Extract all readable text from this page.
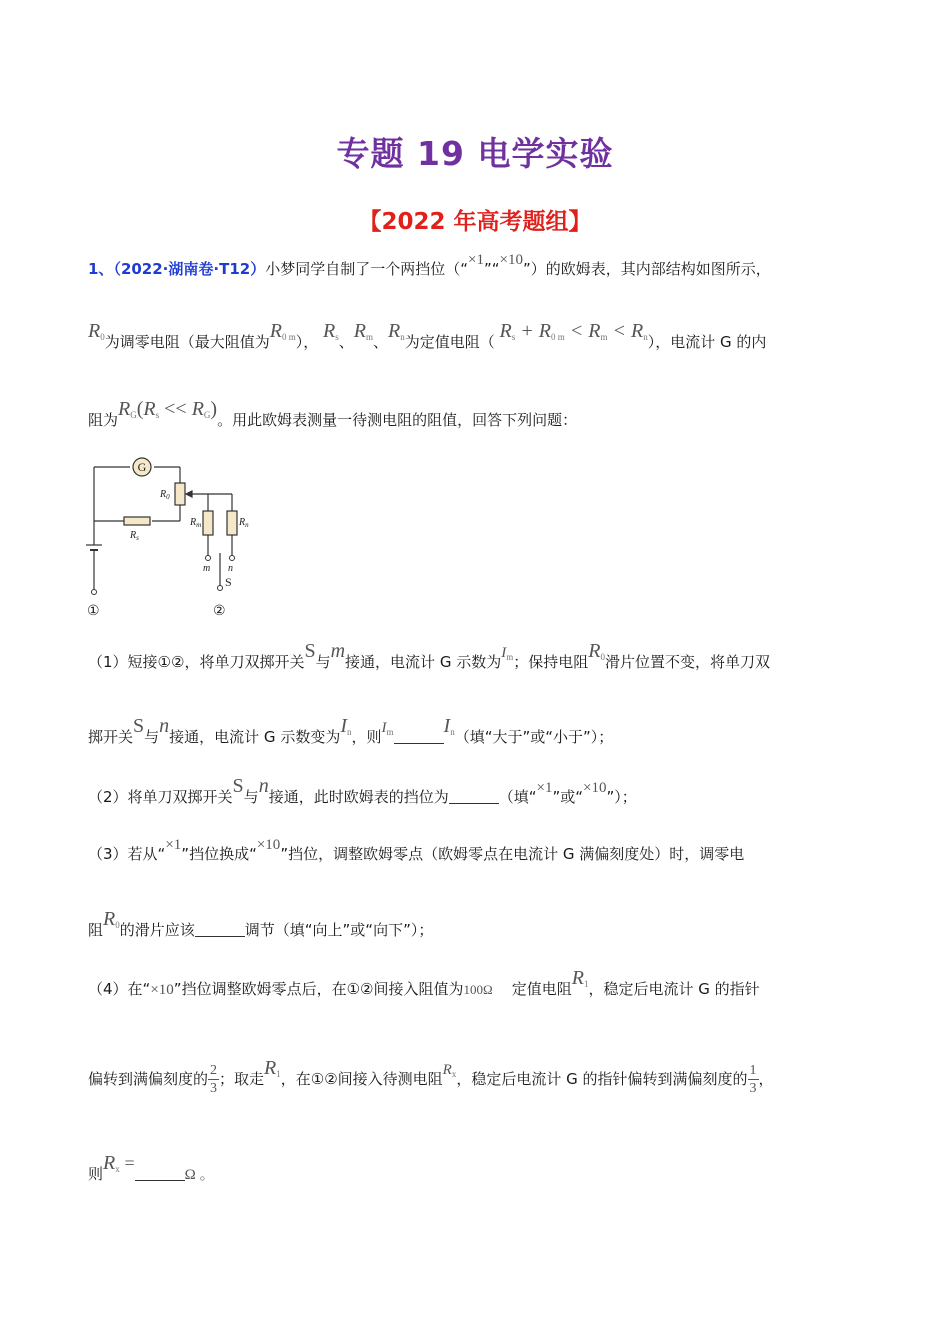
专题 19 电学实验
【2022 年高考题组】
1、（2022·湖南卷·T12）小梦同学自制了一个两挡位（“×1”“×10”）的欧姆表，其内部结构如图所示，
$R_0$为调零电阻（最大阻值为$R_{0 m}$）， $R_s$、$R_m$、$R_n$为定值电阻（ $R_s + R_{0 m} < R_m < R_n$），电流计 G 的内
阻为$R_G(R_s << R_G)$。用此欧姆表测量一待测电阻的阻值，回答下列问题：
G
$R_0$
$R_s$
$R_m$	$R_n$
m n
S
①	②
（1）短接①②，将单刀双掷开关S与m接通，电流计 G 示数为$I_m$；保持电阻$R_0$滑片位置不变，将单刀双
掷开关S与n接通，电流计 G 示数变为$I_n$，则$I_m$	$I_n$（填“大于”或“小于”）；
（2）将单刀双掷开关S与n接通，此时欧姆表的挡位为	（填“×1”或“×10”）；
（3）若从“×1”挡位换成“×10”挡位，调整欧姆零点（欧姆零点在电流计 G 满偏刻度处）时，调零电
阻$R_0$的滑片应该	调节（填“向上”或“向下”）；
（4）在“×10”挡位调整欧姆零点后，在①②间接入阻值为100Ω 定值电阻$R_1$，稳定后电流计 G 的指针
偏转到满偏刻度的 $\frac{2}{3}$ ；取走$R_1$，在①②间接入待测电阻$R_x$，稳定后电流计 G 的指针偏转到满偏刻度的 $\frac{1}{3}$ ，
则$R_x =\Omega$ 。
